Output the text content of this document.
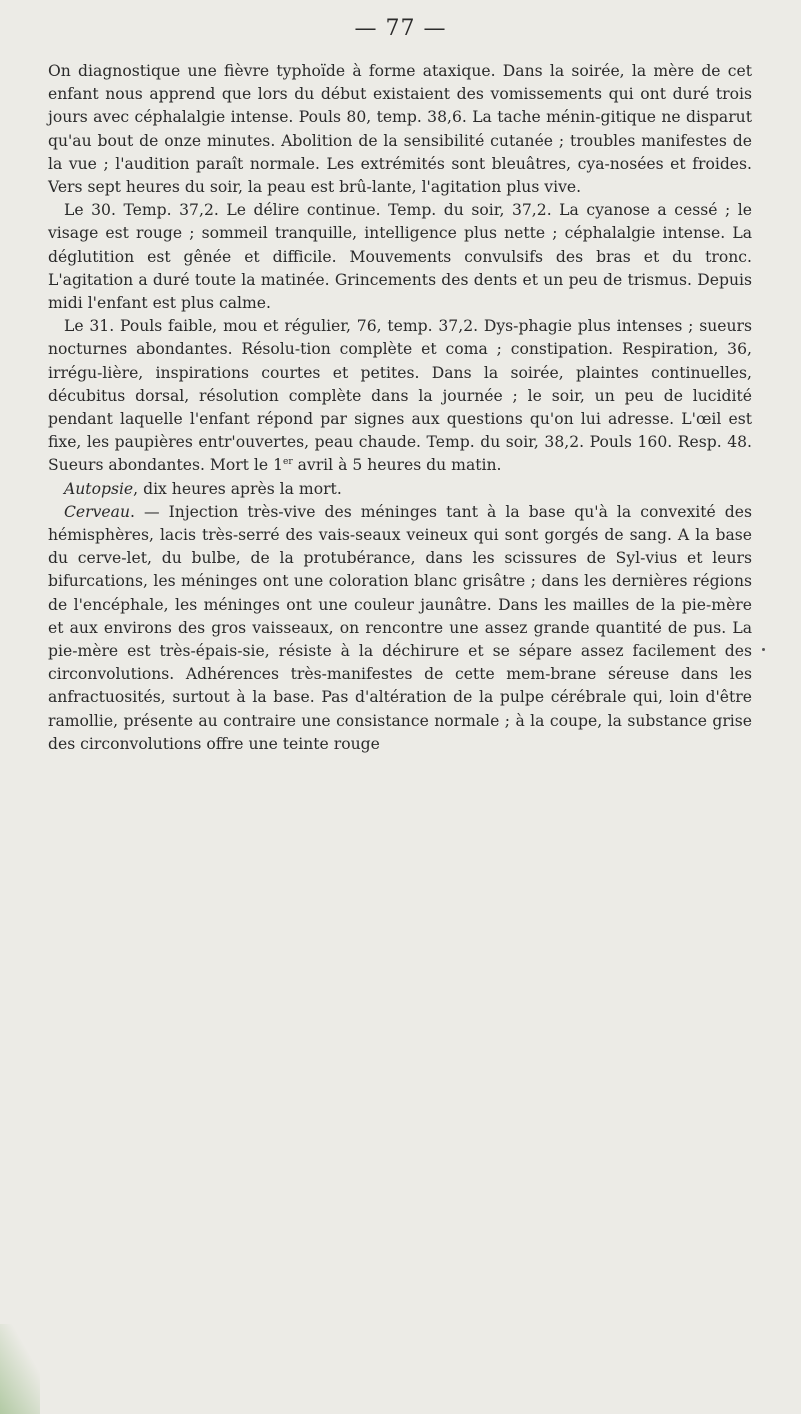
— 77 —

On diagnostique une fièvre typhoïde à forme ataxique. Dans la soirée, la mère de cet enfant nous apprend que lors du début existaient des vomissements qui ont duré trois jours avec céphalalgie intense. Pouls 80, temp. 38,6. La tache ménin-gitique ne disparut qu'au bout de onze minutes. Abolition de la sensibilité cutanée ; troubles manifestes de la vue ; l'audition paraît normale. Les extrémités sont bleuâtres, cya-nosées et froides. Vers sept heures du soir, la peau est brû-lante, l'agitation plus vive.

Le 30. Temp. 37,2. Le délire continue. Temp. du soir, 37,2. La cyanose a cessé ; le visage est rouge ; sommeil tranquille, intelligence plus nette ; céphalalgie intense. La déglutition est gênée et difficile. Mouvements convulsifs des bras et du tronc. L'agitation a duré toute la matinée. Grincements des dents et un peu de trismus. Depuis midi l'enfant est plus calme.

Le 31. Pouls faible, mou et régulier, 76, temp. 37,2. Dys-phagie plus intenses ; sueurs nocturnes abondantes. Résolu-tion complète et coma ; constipation. Respiration, 36, irrégu-lière, inspirations courtes et petites. Dans la soirée, plaintes continuelles, décubitus dorsal, résolution complète dans la journée ; le soir, un peu de lucidité pendant laquelle l'enfant répond par signes aux questions qu'on lui adresse. L'œil est fixe, les paupières entr'ouvertes, peau chaude. Temp. du soir, 38,2. Pouls 160. Resp. 48. Sueurs abondantes. Mort le 1er avril à 5 heures du matin.

Autopsie, dix heures après la mort.

Cerveau. — Injection très-vive des méninges tant à la base qu'à la convexité des hémisphères, lacis très-serré des vais-seaux veineux qui sont gorgés de sang. A la base du cerve-let, du bulbe, de la protubérance, dans les scissures de Syl-vius et leurs bifurcations, les méninges ont une coloration blanc grisâtre ; dans les dernières régions de l'encéphale, les méninges ont une couleur jaunâtre. Dans les mailles de la pie-mère et aux environs des gros vaisseaux, on rencontre une assez grande quantité de pus. La pie-mère est très-épais-sie, résiste à la déchirure et se sépare assez facilement des circonvolutions. Adhérences très-manifestes de cette mem-brane séreuse dans les anfractuosités, surtout à la base. Pas d'altération de la pulpe cérébrale qui, loin d'être ramollie, présente au contraire une consistance normale ; à la coupe, la substance grise des circonvolutions offre une teinte rouge
